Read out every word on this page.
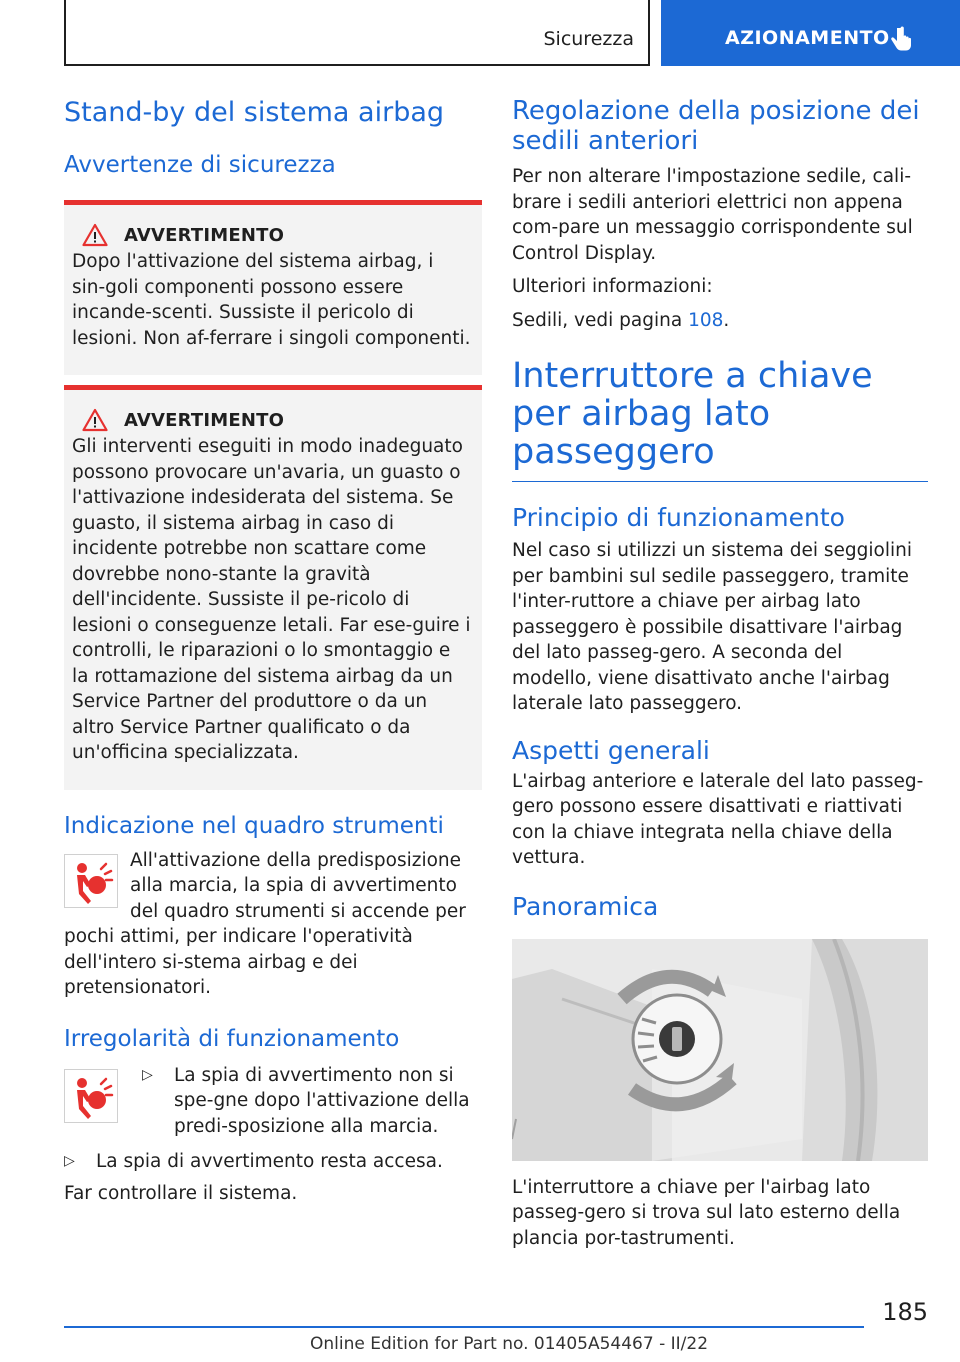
Sicurezza	AZIONAMENTO
Stand-by del sistema airbag
Avvertenze di sicurezza
AVVERTIMENTO

Dopo l'attivazione del sistema airbag, i sin-goli componenti possono essere incande-scenti. Sussiste il pericolo di lesioni. Non af-ferrare i singoli componenti.

AVVERTIMENTO

Gli interventi eseguiti in modo inadeguato possono provocare un'avaria, un guasto o l'attivazione indesiderata del sistema. Se guasto, il sistema airbag in caso di incidente potrebbe non scattare come dovrebbe nono-stante la gravità dell'incidente. Sussiste il pe-ricolo di lesioni o conseguenze letali. Far ese-guire i controlli, le riparazioni o lo smontaggio e la rottamazione del sistema airbag da un Service Partner del produttore o da un altro Service Partner qualificato o da un'officina specializzata.

Indicazione nel quadro strumenti

All'attivazione della predisposizione alla marcia, la spia di avvertimento del quadro strumenti si accende per pochi attimi, per indicare l'operatività dell'intero si-stema airbag e dei pretensionatori.

Irregolarità di funzionamento
▷	La spia di avvertimento non si spe-gne dopo l'attivazione della predi-sposizione alla marcia.
▷	La spia di avvertimento resta accesa.

Far controllare il sistema.

Regolazione della posizione dei sedili anteriori

Per non alterare l'impostazione sedile, cali-brare i sedili anteriori elettrici non appena com-pare un messaggio corrispondente sul Control Display.

Ulteriori informazioni:

Sedili, vedi pagina 108.

Interruttore a chiave per airbag lato passeggero
Principio di funzionamento

Nel caso si utilizzi un sistema dei seggiolini per bambini sul sedile passeggero, tramite l'inter-ruttore a chiave per airbag lato passeggero è possibile disattivare l'airbag del lato passeg-gero. A seconda del modello, viene disattivato anche l'airbag laterale lato passeggero.

Aspetti generali

L'airbag anteriore e laterale del lato passeg-gero possono essere disattivati e riattivati con la chiave integrata nella chiave della vettura.

Panoramica

L'interruttore a chiave per l'airbag lato passeg-gero si trova sul lato esterno della plancia por-tastrumenti.

185
Online Edition for Part no. 01405A54467 - II/22
